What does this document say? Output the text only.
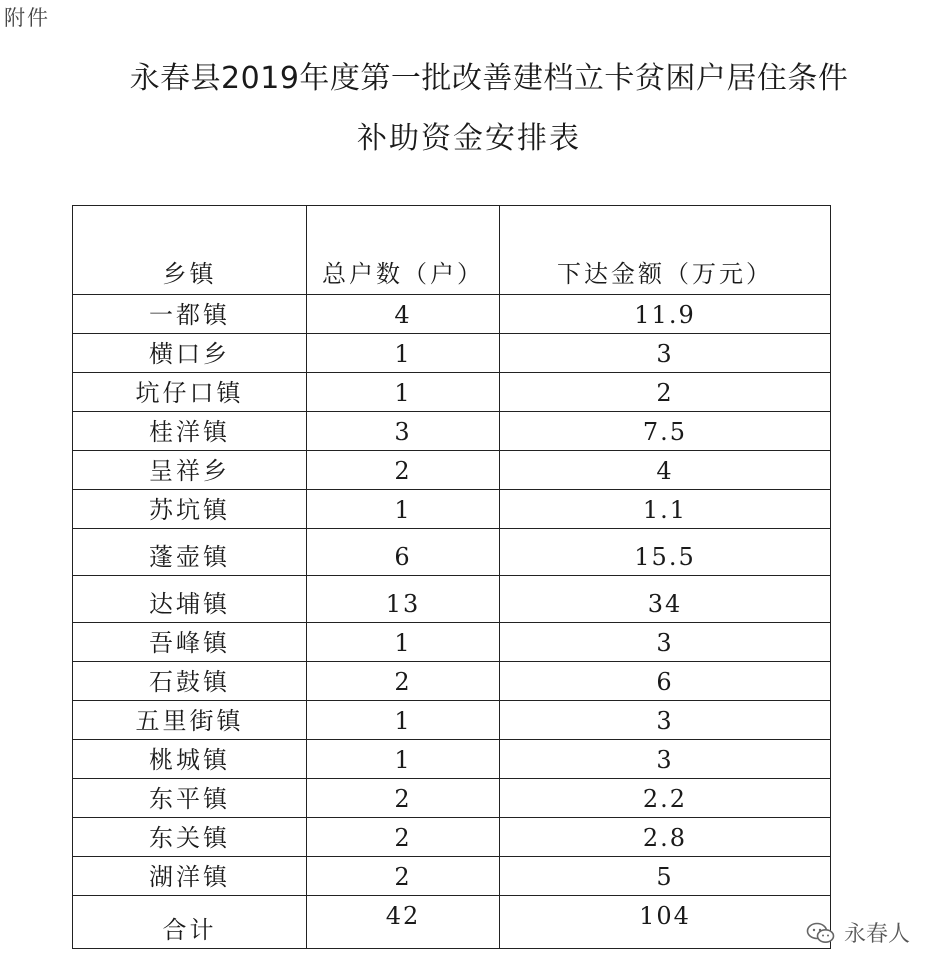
附件
永春县2019年度第一批改善建档立卡贫困户居住条件
补助资金安排表
乡镇	总户数（户）	下达金额（万元）
一都镇	4	11.9
横口乡	1	3
坑仔口镇	1	2
桂洋镇	3	7.5
呈祥乡	2	4
苏坑镇	1	1.1
蓬壶镇	6	15.5
达埔镇	13	34
吾峰镇	1	3
石鼓镇	2	6
五里街镇	1	3
桃城镇	1	3
东平镇	2	2.2
东关镇	2	2.8
湖洋镇	2	5
合计	42	104
永春人
